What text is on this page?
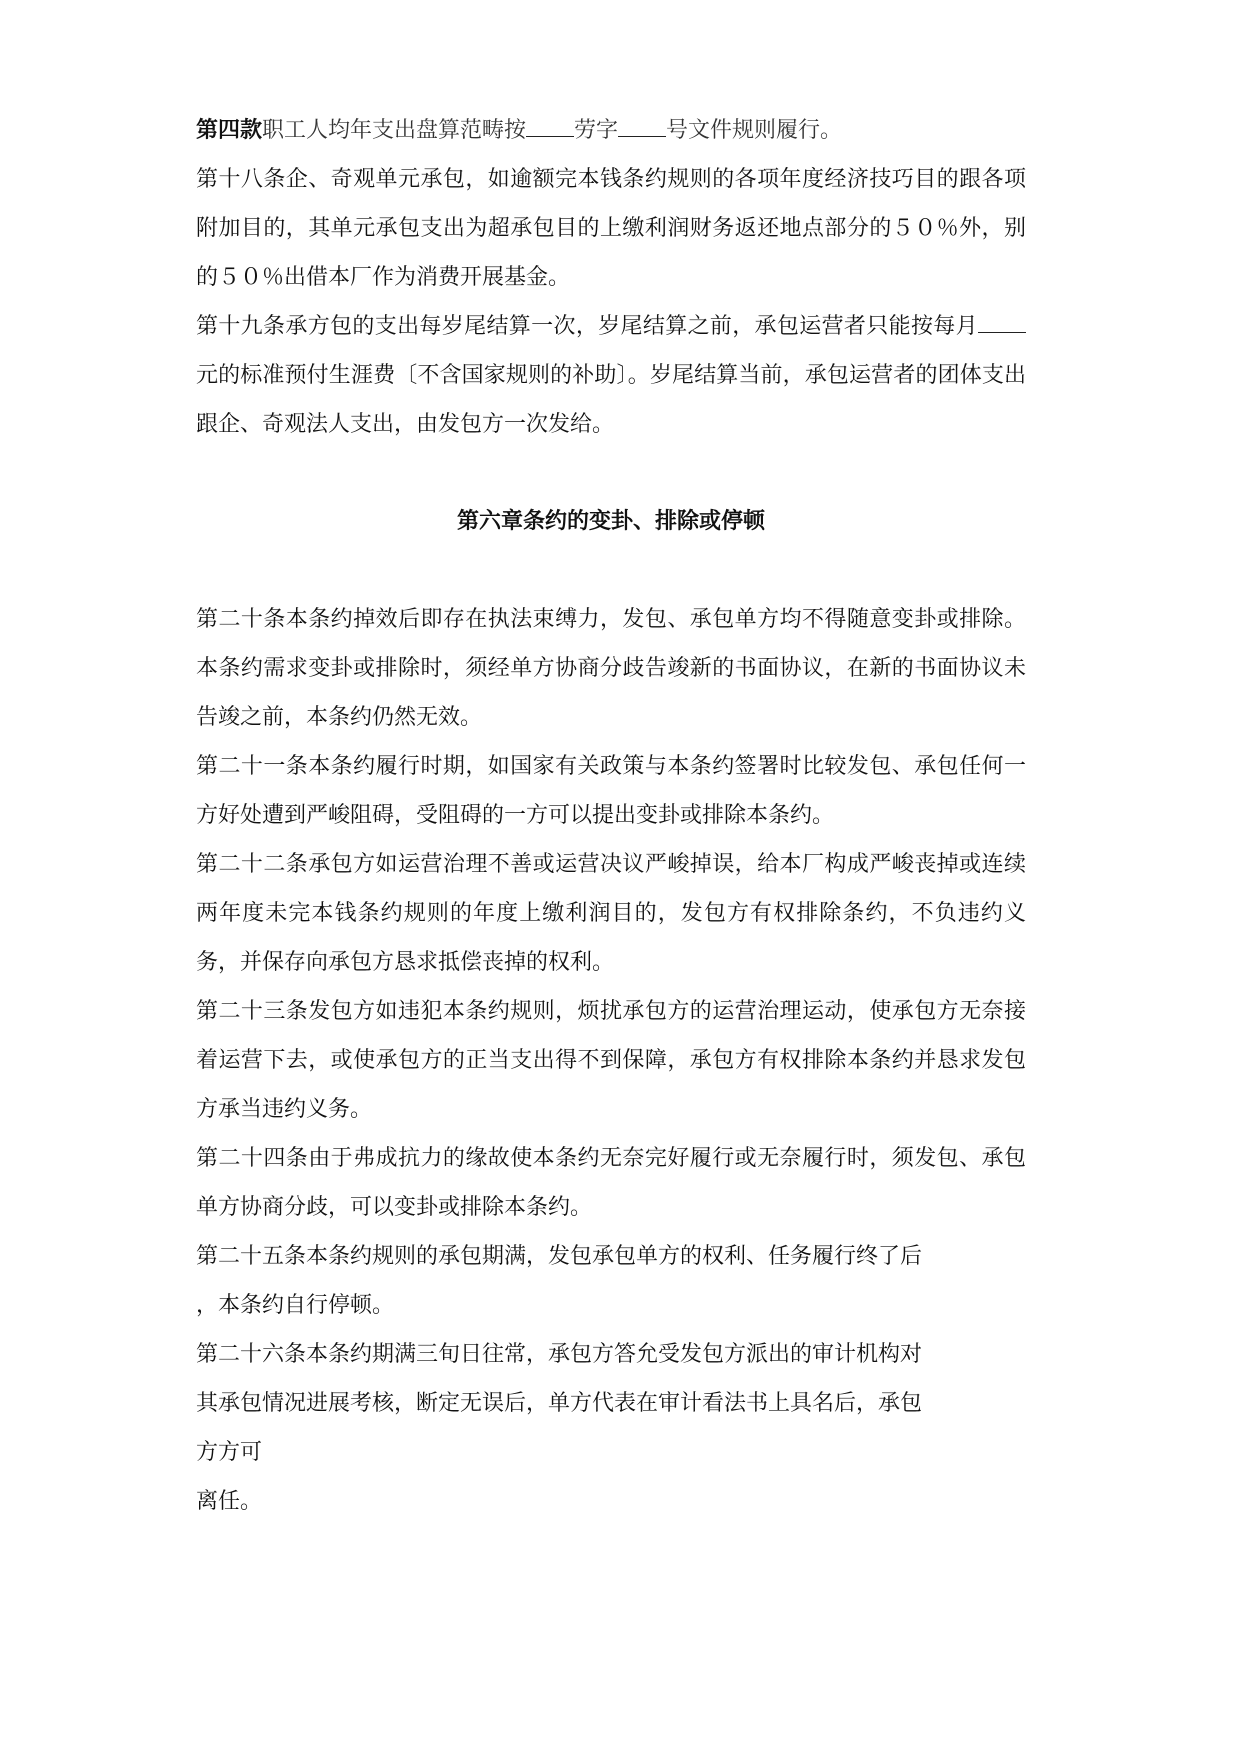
第四款职工人均年支出盘算范畴按 劳字 号文件规则履行。

第十八条企、奇观单元承包，如逾额完本钱条约规则的各项年度经济技巧目的跟各项附加目的，其单元承包支出为超承包目的上缴利润财务返还地点部分的５０％外，别的５０％出借本厂作为消费开展基金。

第十九条承方包的支出每岁尾结算一次，岁尾结算之前，承包运营者只能按每月元的标准预付生涯费〔不含国家规则的补助〕。岁尾结算当前，承包运营者的团体支出跟企、奇观法人支出，由发包方一次发给。

第六章条约的变卦、排除或停顿

第二十条本条约掉效后即存在执法束缚力，发包、承包单方均不得随意变卦或排除。本条约需求变卦或排除时，须经单方协商分歧告竣新的书面协议，在新的书面协议未告竣之前，本条约仍然无效。

第二十一条本条约履行时期，如国家有关政策与本条约签署时比较发包、承包任何一方好处遭到严峻阻碍，受阻碍的一方可以提出变卦或排除本条约。

第二十二条承包方如运营治理不善或运营决议严峻掉误，给本厂构成严峻丧掉或连续两年度未完本钱条约规则的年度上缴利润目的，发包方有权排除条约，不负违约义务，并保存向承包方恳求抵偿丧掉的权利。

第二十三条发包方如违犯本条约规则，烦扰承包方的运营治理运动，使承包方无奈接着运营下去，或使承包方的正当支出得不到保障，承包方有权排除本条约并恳求发包方承当违约义务。

第二十四条由于弗成抗力的缘故使本条约无奈完好履行或无奈履行时，须发包、承包单方协商分歧，可以变卦或排除本条约。

第二十五条本条约规则的承包期满，发包承包单方的权利、任务履行终了后
，本条约自行停顿。

第二十六条本条约期满三旬日往常，承包方答允受发包方派出的审计机构对
其承包情况进展考核，断定无误后，单方代表在审计看法书上具名后，承包
方方可
离任。
